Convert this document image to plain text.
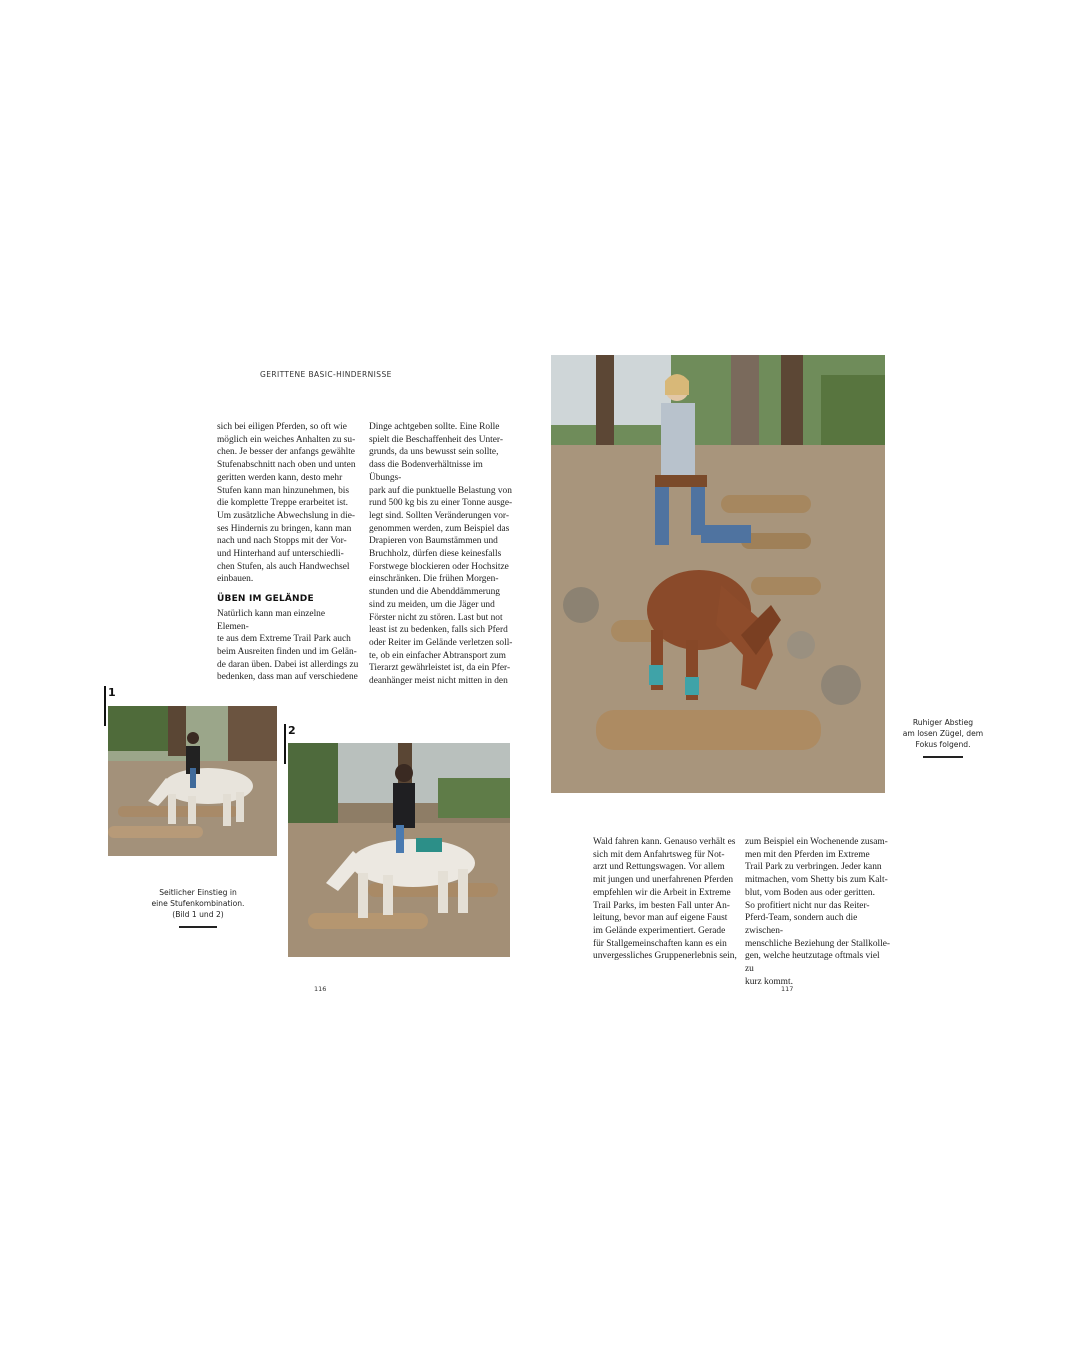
GERITTENE BASIC-HINDERNISSE

sich bei eiligen Pferden, so oft wie
möglich ein weiches Anhalten zu su-
chen. Je besser der anfangs gewählte
Stufenabschnitt nach oben und unten
geritten werden kann, desto mehr
Stufen kann man hinzunehmen, bis
die komplette Treppe erarbeitet ist.
Um zusätzliche Abwechslung in die-
ses Hindernis zu bringen, kann man
nach und nach Stopps mit der Vor-
und Hinterhand auf unterschiedli-
chen Stufen, als auch Handwechsel
einbauen.

ÜBEN IM GELÄNDE

Natürlich kann man einzelne Elemen-
te aus dem Extreme Trail Park auch
beim Ausreiten finden und im Gelän-
de daran üben. Dabei ist allerdings zu
bedenken, dass man auf verschiedene

Dinge achtgeben sollte. Eine Rolle
spielt die Beschaffenheit des Unter-
grunds, da uns bewusst sein sollte,
dass die Bodenverhältnisse im Übungs-
park auf die punktuelle Belastung von
rund 500 kg bis zu einer Tonne ausge-
legt sind. Sollten Veränderungen vor-
genommen werden, zum Beispiel das
Drapieren von Baumstämmen und
Bruchholz, dürfen diese keinesfalls
Forstwege blockieren oder Hochsitze
einschränken. Die frühen Morgen-
stunden und die Abenddämmerung
sind zu meiden, um die Jäger und
Förster nicht zu stören. Last but not
least ist zu bedenken, falls sich Pferd
oder Reiter im Gelände verletzen soll-
te, ob ein einfacher Abtransport zum
Tierarzt gewährleistet ist, da ein Pfer-
deanhänger meist nicht mitten in den

1
2
Seitlicher Einstieg in
eine Stufenkombination.
(Bild 1 und 2)
116
Ruhiger Abstieg
am losen Zügel, dem
Fokus folgend.

Wald fahren kann. Genauso verhält es
sich mit dem Anfahrtsweg für Not-
arzt und Rettungswagen. Vor allem
mit jungen und unerfahrenen Pferden
empfehlen wir die Arbeit in Extreme
Trail Parks, im besten Fall unter An-
leitung, bevor man auf eigene Faust
im Gelände experimentiert. Gerade
für Stallgemeinschaften kann es ein
unvergessliches Gruppenerlebnis sein,

zum Beispiel ein Wochenende zusam-
men mit den Pferden im Extreme
Trail Park zu verbringen. Jeder kann
mitmachen, vom Shetty bis zum Kalt-
blut, vom Boden aus oder geritten.
So profitiert nicht nur das Reiter-
Pferd-Team, sondern auch die zwischen-
menschliche Beziehung der Stallkolle-
gen, welche heutzutage oftmals viel zu
kurz kommt.

117
